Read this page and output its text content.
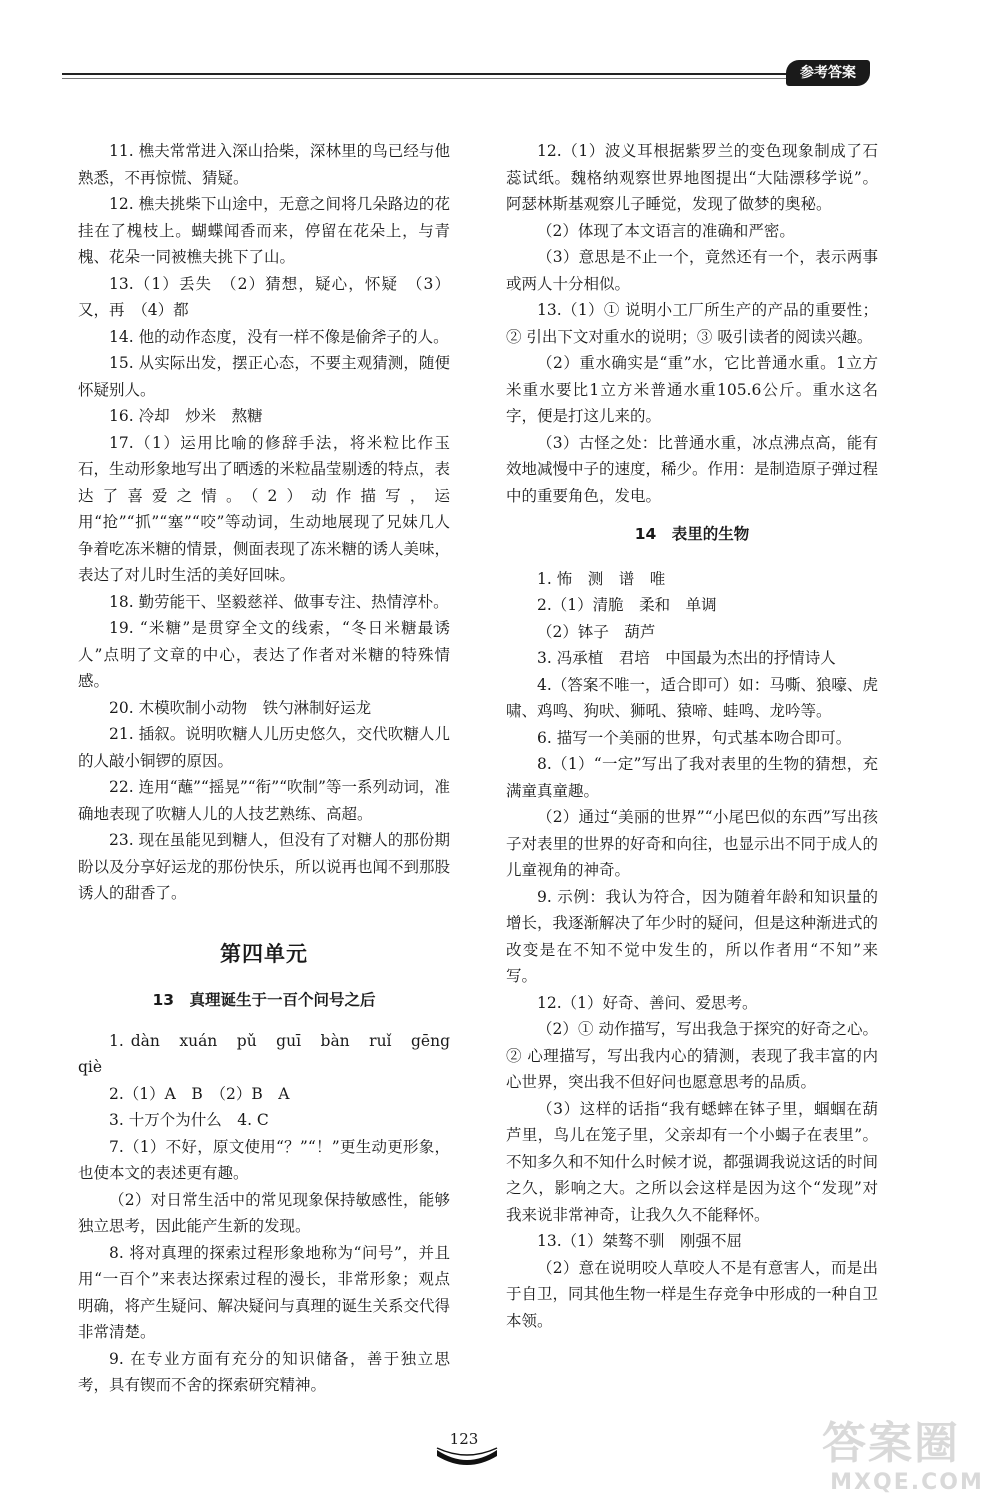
参考答案

11. 樵夫常常进入深山拾柴，深林里的鸟已经与他熟悉，不再惊慌、猜疑。

12. 樵夫挑柴下山途中，无意之间将几朵路边的花挂在了槐枝上。蝴蝶闻香而来，停留在花朵上，与青槐、花朵一同被樵夫挑下了山。

13.（1）丢失　（2）猜想，疑心，怀疑　（3）又，再　（4）都

14. 他的动作态度，没有一样不像是偷斧子的人。

15. 从实际出发，摆正心态，不要主观猜测，随便怀疑别人。

16. 冷却　炒米　熬糖

17.（1）运用比喻的修辞手法，将米粒比作玉石，生动形象地写出了晒透的米粒晶莹剔透的特点，表达了喜爱之情。（2）动作描写，运用“抢”“抓”“塞”“咬”等动词，生动地展现了兄妹几人争着吃冻米糖的情景，侧面表现了冻米糖的诱人美味，表达了对儿时生活的美好回味。

18. 勤劳能干、坚毅慈祥、做事专注、热情淳朴。

19. “米糖”是贯穿全文的线索，“冬日米糖最诱人”点明了文章的中心，表达了作者对米糖的特殊情感。

20. 木模吹制小动物　铁勺淋制好运龙

21. 插叙。说明吹糖人儿历史悠久，交代吹糖人儿的人敲小铜锣的原因。

22. 连用“蘸”“摇晃”“衔”“吹制”等一系列动词，准确地表现了吹糖人儿的人技艺熟练、高超。

23. 现在虽能见到糖人，但没有了对糖人的那份期盼以及分享好运龙的那份快乐，所以说再也闻不到那股诱人的甜香了。

第四单元
13　真理诞生于一百个问号之后

1. dàn　xuán　pǔ　guī　bàn　ruǐ　gēng　qiè

2.（1）A　B　（2）B　A

3. 十万个为什么　4. C

7.（1）不好，原文使用“？”“！”更生动更形象，也使本文的表述更有趣。

（2）对日常生活中的常见现象保持敏感性，能够独立思考，因此能产生新的发现。

8. 将对真理的探索过程形象地称为“问号”，并且用“一百个”来表达探索过程的漫长，非常形象；观点明确，将产生疑问、解决疑问与真理的诞生关系交代得非常清楚。

9. 在专业方面有充分的知识储备，善于独立思考，具有锲而不舍的探索研究精神。

12.（1）波义耳根据紫罗兰的变色现象制成了石蕊试纸。魏格纳观察世界地图提出“大陆漂移学说”。阿瑟林斯基观察儿子睡觉，发现了做梦的奥秘。

（2）体现了本文语言的准确和严密。

（3）意思是不止一个，竟然还有一个，表示两事或两人十分相似。

13.（1）① 说明小工厂所生产的产品的重要性；② 引出下文对重水的说明；③ 吸引读者的阅读兴趣。

（2）重水确实是“重”水，它比普通水重。1立方米重水要比1立方米普通水重105.6公斤。重水这名字，便是打这儿来的。

（3）古怪之处：比普通水重，冰点沸点高，能有效地减慢中子的速度，稀少。作用：是制造原子弹过程中的重要角色，发电。

14　表里的生物

1. 怖　测　谱　唯

2.（1）清脆　柔和　单调

（2）钵子　葫芦

3. 冯承植　君培　中国最为杰出的抒情诗人

4.（答案不唯一，适合即可）如：马嘶、狼嚎、虎啸、鸡鸣、狗吠、狮吼、猿啼、蛙鸣、龙吟等。

6. 描写一个美丽的世界，句式基本吻合即可。

8.（1）“一定”写出了我对表里的生物的猜想，充满童真童趣。

（2）通过“美丽的世界”“小尾巴似的东西”写出孩子对表里的世界的好奇和向往，也显示出不同于成人的儿童视角的神奇。

9. 示例：我认为符合，因为随着年龄和知识量的增长，我逐渐解决了年少时的疑问，但是这种渐进式的改变是在不知不觉中发生的，所以作者用“不知”来写。

12.（1）好奇、善问、爱思考。

（2）① 动作描写，写出我急于探究的好奇之心。② 心理描写，写出我内心的猜测，表现了我丰富的内心世界，突出我不但好问也愿意思考的品质。

（3）这样的话指“我有蟋蟀在钵子里，蝈蝈在葫芦里，鸟儿在笼子里，父亲却有一个小蝎子在表里”。不知多久和不知什么时候才说，都强调我说这话的时间之久，影响之大。之所以会这样是因为这个“发现”对我来说非常神奇，让我久久不能释怀。

13.（1）桀骜不驯　刚强不屈

（2）意在说明咬人草咬人不是有意害人，而是出于自卫，同其他生物一样是生存竞争中形成的一种自卫本领。

123	答案圈
MXQE.COM
